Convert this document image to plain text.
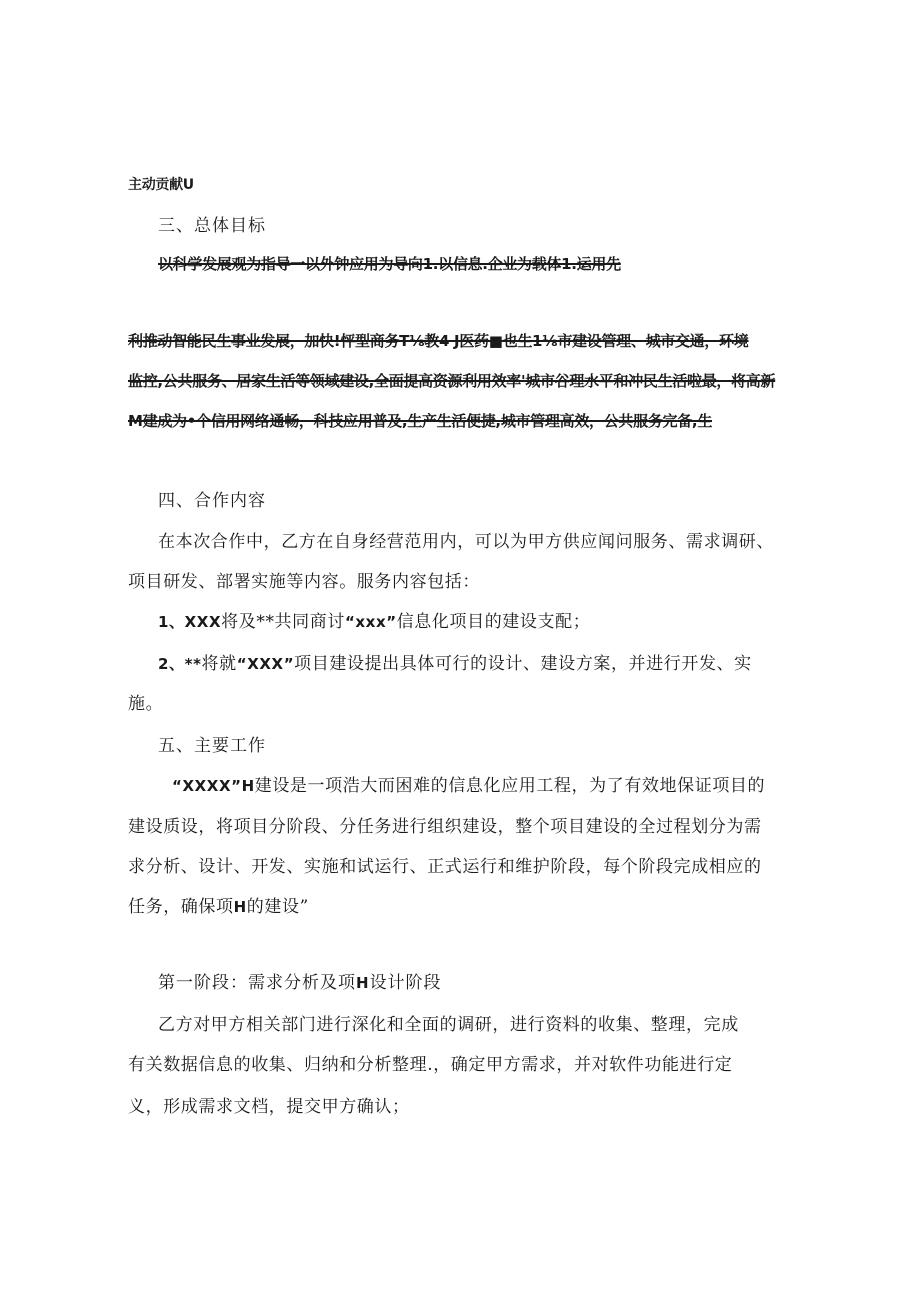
主动贡献U

三、总体目标

以科学发展观为指导一以外钟应用为导向1.以信息.企业为载体1.运用先

利推动智能民生事业发展，加快!怦型商务T⅛教4 J医药■也生1⅛市建设管理、城市交通，环境

监控,公共服务、居家生活等领域建设,全面提高资源利用效率'城市谷理水平和冲民生活啦最，将高新

M建成为•个信用网络通畅，科技应用普及,生产生活便捷,城市管理高效，公共服务完备,生

四、合作内容

在本次合作中，乙方在自身经营范用内，可以为甲方供应闻问服务、需求调研、

项目研发、部署实施等内容。服务内容包括：

1、XXX将及**共同商讨“xxx”信息化项目的建设支配；

2、**将就“XXX”项目建设提出具体可行的设计、建设方案，并进行开发、实

施。

五、主要工作

“XXXX”H建设是一项浩大而困难的信息化应用工程，为了有效地保证项目的

建设质设，将项目分阶段、分任务进行组织建设，整个项目建设的全过程划分为需

求分析、设计、开发、实施和试运行、正式运行和维护阶段，每个阶段完成相应的

任务，确保项H的建设”

第一阶段：需求分析及项H设计阶段

乙方对甲方相关部门进行深化和全面的调研，进行资料的收集、整理，完成

有关数据信息的收集、归纳和分析整理.，确定甲方需求，并对软件功能进行定

义，形成需求文档，提交甲方确认；
